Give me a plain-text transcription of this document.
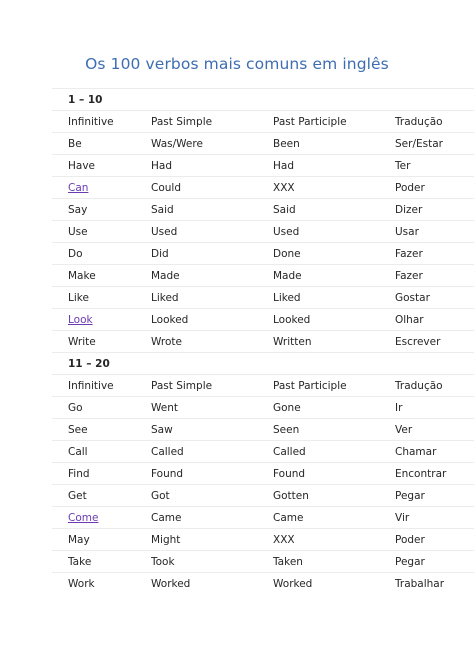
Os 100 verbos mais comuns em inglês
1 – 10
Infinitive	Past Simple	Past Participle	Tradução
Be	Was/Were	Been	Ser/Estar
Have	Had	Had	Ter
Can	Could	XXX	Poder
Say	Said	Said	Dizer
Use	Used	Used	Usar
Do	Did	Done	Fazer
Make	Made	Made	Fazer
Like	Liked	Liked	Gostar
Look	Looked	Looked	Olhar
Write	Wrote	Written	Escrever
11 – 20
Infinitive	Past Simple	Past Participle	Tradução
Go	Went	Gone	Ir
See	Saw	Seen	Ver
Call	Called	Called	Chamar
Find	Found	Found	Encontrar
Get	Got	Gotten	Pegar
Come	Came	Came	Vir
May	Might	XXX	Poder
Take	Took	Taken	Pegar
Work	Worked	Worked	Trabalhar
